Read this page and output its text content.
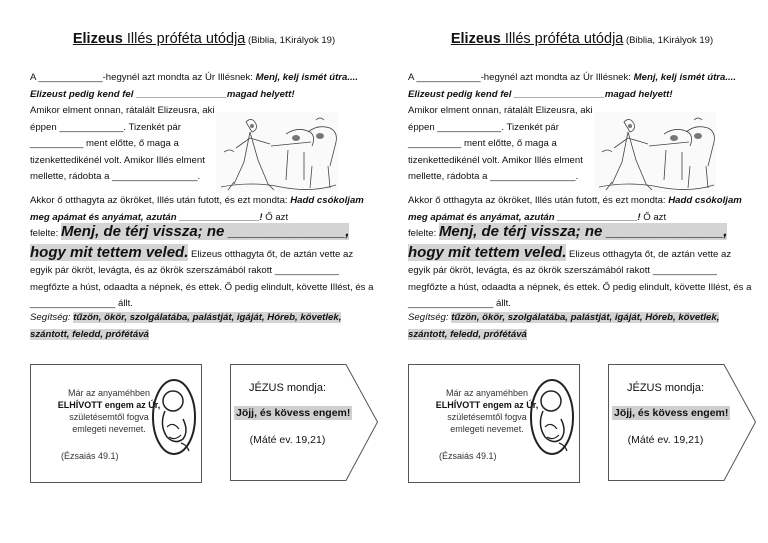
Elizeus Illés próféta utódja (Biblia, 1Királyok 19)
A ____________-hegynél azt mondta az Úr Illésnek: Menj, kelj ismét útra.... Elizeust pedig kend fel _________________magad helyett!
Amikor elment onnan, rátalált Elizeusra, aki éppen ____________. Tizenkét pár __________ ment előtte, ő maga a tizenkettedikénél volt. Amikor Illés elment mellette, rádobta a ________________.
Akkor ő otthagyta az ökröket, Illés után futott, és ezt mondta: Hadd csókoljam meg apámat és anyámat, azután _______________! Ő azt
felelte: Menj, de térj vissza; ne ______________, hogy mit tettem veled. Elizeus otthagyta őt, de aztán vette az egyik pár ökröt, levágta, és az ökrök szerszámából rakott ____________ megfőzte a húst, odaadta a népnek, és ettek. Ő pedig elindult, követte Illést, és a ________________ állt.
Segítség: tűzön, ökör, szolgálatába, palástját, igáját, Hóreb, követlek, szántott, feledd, prófétává
Már az anyaméhben
ELHÍVOTT engem az Úr,
születésemtől fogva emlegeti nevemet.
(Ézsaiás 49.1)
JÉZUS mondja:
Jöjj, és kövess engem!
(Máté ev. 19,21)
Elizeus Illés próféta utódja (Biblia, 1Királyok 19)
A ____________-hegynél azt mondta az Úr Illésnek: Menj, kelj ismét útra.... Elizeust pedig kend fel _________________magad helyett!
Amikor elment onnan, rátalált Elizeusra, aki éppen ____________. Tizenkét pár __________ ment előtte, ő maga a tizenkettedikénél volt. Amikor Illés elment mellette, rádobta a ________________.
Akkor ő otthagyta az ökröket, Illés után futott, és ezt mondta: Hadd csókoljam meg apámat és anyámat, azután _______________! Ő azt
felelte: Menj, de térj vissza; ne ______________, hogy mit tettem veled. Elizeus otthagyta őt, de aztán vette az egyik pár ökröt, levágta, és az ökrök szerszámából rakott ____________ megfőzte a húst, odaadta a népnek, és ettek. Ő pedig elindult, követte Illést, és a ________________ állt.
Segítség: tűzön, ökör, szolgálatába, palástját, igáját, Hóreb, követlek, szántott, feledd, prófétává
Már az anyaméhben
ELHÍVOTT engem az Úr,
születésemtől fogva emlegeti nevemet.
(Ézsaiás 49.1)
JÉZUS mondja:
Jöjj, és kövess engem!
(Máté ev. 19,21)
